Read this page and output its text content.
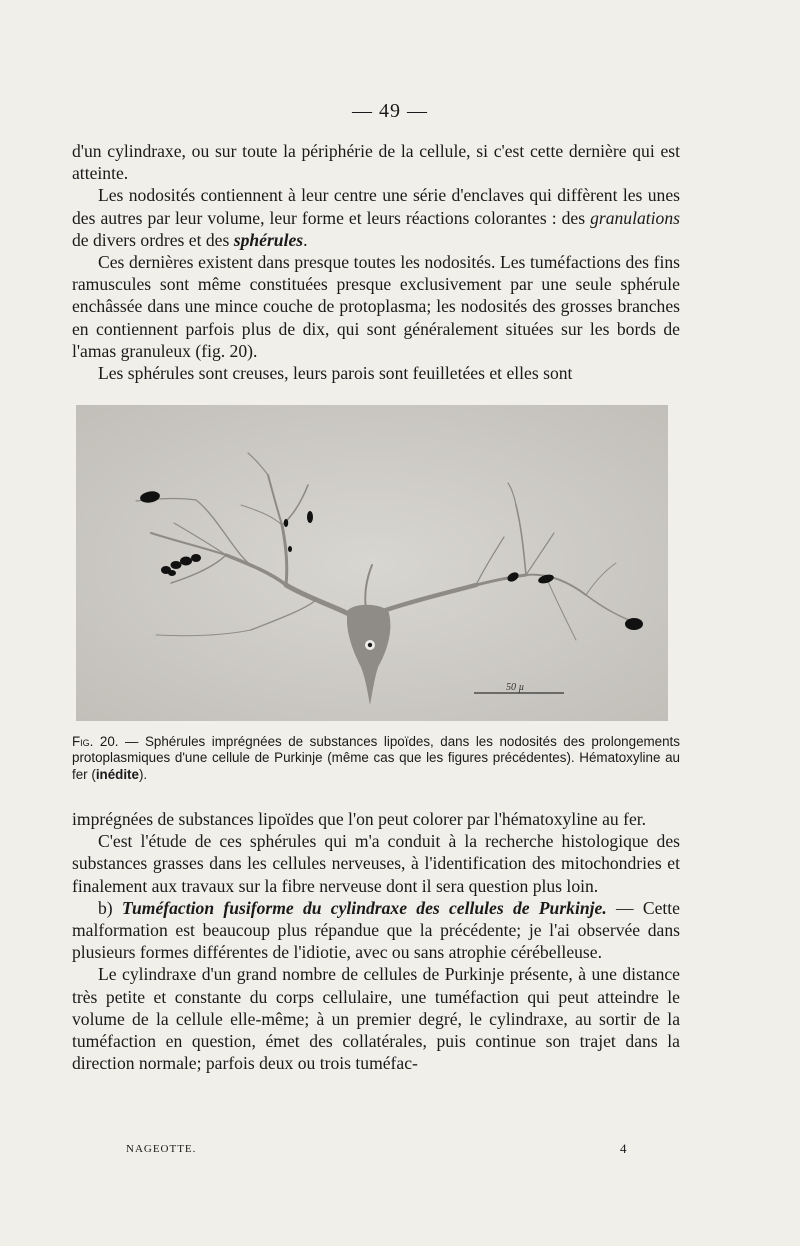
— 49 —

d'un cylindraxe, ou sur toute la périphérie de la cellule, si c'est cette dernière qui est atteinte.

Les nodosités contiennent à leur centre une série d'enclaves qui diffèrent les unes des autres par leur volume, leur forme et leurs réactions colorantes : des granulations de divers ordres et des sphérules.

Ces dernières existent dans presque toutes les nodosités. Les tuméfactions des fins ramuscules sont même constituées presque exclusivement par une seule sphérule enchâssée dans une mince couche de protoplasma; les nodosités des grosses branches en contiennent parfois plus de dix, qui sont généralement situées sur les bords de l'amas granuleux (fig. 20).

Les sphérules sont creuses, leurs parois sont feuilletées et elles sont

50 µ
Fig. 20. — Sphérules imprégnées de substances lipoïdes, dans les nodosités des prolongements protoplasmiques d'une cellule de Purkinje (même cas que les figures précédentes). Hématoxyline au fer (inédite).

imprégnées de substances lipoïdes que l'on peut colorer par l'hématoxyline au fer.

C'est l'étude de ces sphérules qui m'a conduit à la recherche histologique des substances grasses dans les cellules nerveuses, à l'identification des mitochondries et finalement aux travaux sur la fibre nerveuse dont il sera question plus loin.

b) Tuméfaction fusiforme du cylindraxe des cellules de Purkinje. — Cette malformation est beaucoup plus répandue que la précédente; je l'ai observée dans plusieurs formes différentes de l'idiotie, avec ou sans atrophie cérébelleuse.

Le cylindraxe d'un grand nombre de cellules de Purkinje présente, à une distance très petite et constante du corps cellulaire, une tuméfaction qui peut atteindre le volume de la cellule elle-même; à un premier degré, le cylindraxe, au sortir de la tuméfaction en question, émet des collatérales, puis continue son trajet dans la direction normale; parfois deux ou trois tuméfac-

NAGEOTTE.	4
